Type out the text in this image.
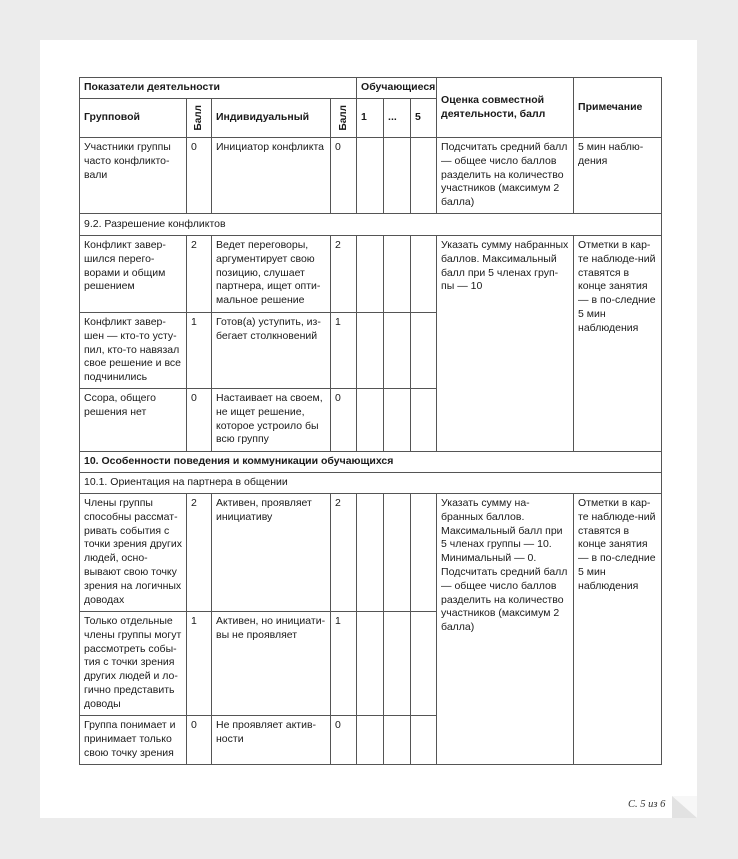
Показатели деятельности				Обучающиеся			Оценка совместной деятельности, балл	Примечание
Групповой	Балл	Индивидуальный	Балл	1	...	5		
Участники группы часто конфликто-вали	0	Инициатор конфликта	0				Подсчитать средний балл — общее число баллов разделить на количество участников (максимум 2 балла)	5 мин наблю-дения
9.2. Разрешение конфликтов								
Конфликт завер-шился перего-ворами и общим решением	2	Ведет переговоры, аргументирует свою позицию, слушает партнера, ищет опти-мальное решение	2				Указать сумму набранных баллов. Максимальный балл при 5 членах груп-пы — 10	Отметки в кар-те наблюде-ний ставятся в конце занятия — в по-следние 5 мин наблюдения
Конфликт завер-шен — кто-то усту-пил, кто-то навязал свое решение и все подчинились	1	Готов(а) уступить, из-бегает столкновений	1					
Ссора, общего решения нет	0	Настаивает на своем, не ищет решение, которое устроило бы всю группу	0					
10. Особенности поведения и коммуникации обучающихся								
10.1. Ориентация на партнера в общении								
Члены группы способны рассмат-ривать события с точки зрения других людей, осно-вывают свою точку зрения на логичных доводах	2	Активен, проявляет инициативу	2				Указать сумму на-бранных баллов. Максимальный балл при 5 членах группы — 10. Минимальный — 0. Подсчитать средний балл — общее число баллов разделить на количество участников (максимум 2 балла)	Отметки в кар-те наблюде-ний ставятся в конце занятия — в по-следние 5 мин наблюдения
Только отдельные члены группы могут рассмотреть собы-тия с точки зрения других людей и ло-гично представить доводы	1	Активен, но инициати-вы не проявляет	1					
Группа понимает и принимает только свою точку зрения	0	Не проявляет актив-ности	0					
С. 5 из 6
